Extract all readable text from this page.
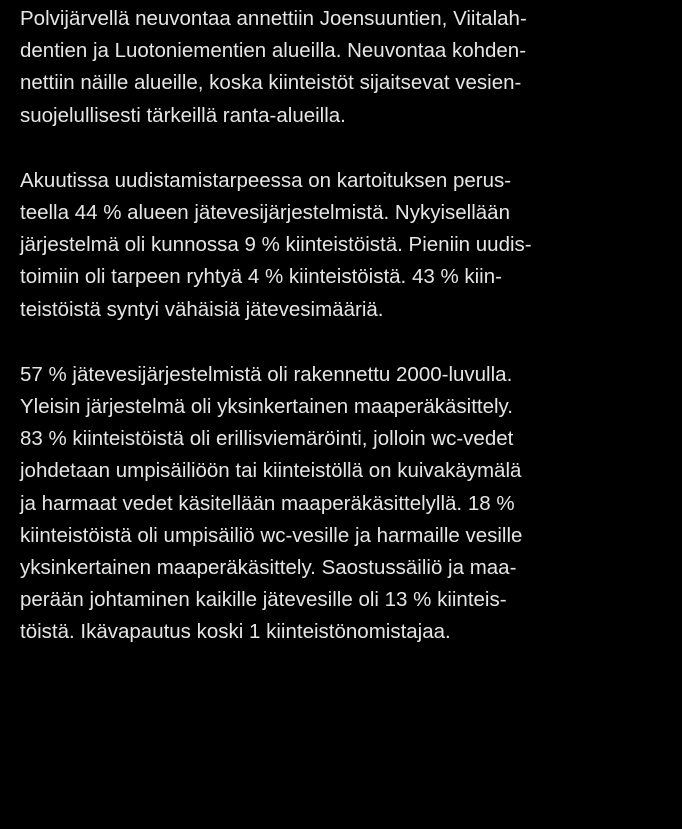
Polvijärvellä neuvontaa annettiin Joensuuntien, Viitalah-
dentien ja Luotoniementien alueilla. Neuvontaa kohden-
nettiin näille alueille, koska kiinteistöt sijaitsevat vesien-
suojelullisesti tärkeillä ranta-alueilla.

Akuutissa uudistamistarpeessa on kartoituksen perus-
teella 44 % alueen jätevesijärjestelmistä. Nykyisellään
järjestelmä oli kunnossa 9 % kiinteistöistä. Pieniin uudis-
toimiin oli tarpeen ryhtyä 4 % kiinteistöistä. 43 % kiin-
teistöistä syntyi vähäisiä jätevesimääriä.

57 % jätevesijärjestelmistä oli rakennettu 2000-luvulla.
Yleisin järjestelmä oli yksinkertainen maaperäkäsittely.
83 % kiinteistöistä oli erillisviemäröinti, jolloin wc-vedet
johdetaan umpisäiliöön tai kiinteistöllä on kuivakäymälä
ja harmaat vedet käsitellään maaperäkäsittelyllä. 18 %
kiinteistöistä oli umpisäiliö wc-vesille ja harmaille vesille
yksinkertainen maaperäkäsittely. Saostussäiliö ja maa-
perään johtaminen kaikille jätevesille oli 13 % kiinteis-
töistä. Ikävapautus koski 1 kiinteistönomistajaa.
